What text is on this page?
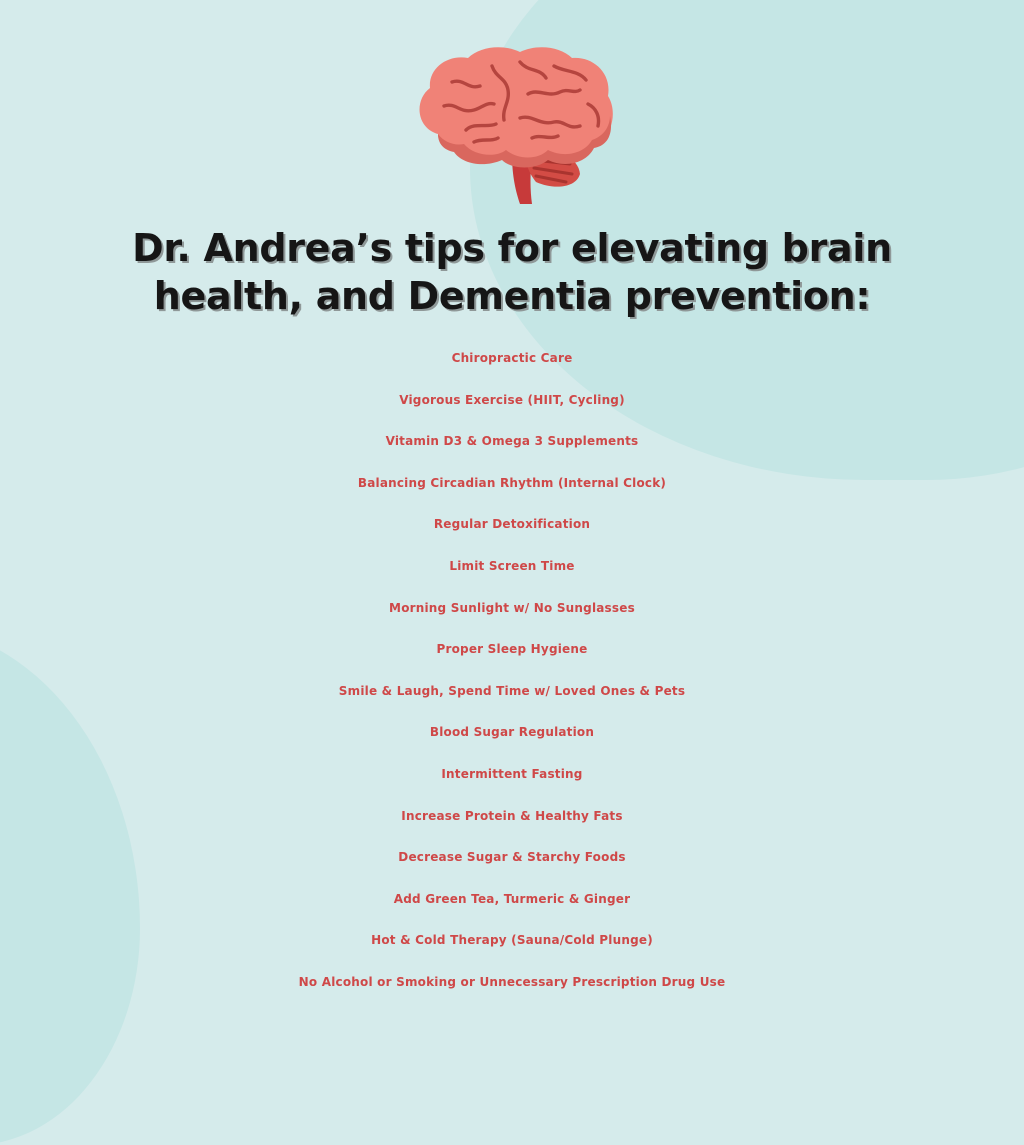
Dr. Andrea’s tips for elevating brain
health, and Dementia prevention:
Chiropractic Care
Vigorous Exercise (HIIT, Cycling)
Vitamin D3 & Omega 3 Supplements
Balancing Circadian Rhythm (Internal Clock)
Regular Detoxification
Limit Screen Time
Morning Sunlight w/ No Sunglasses
Proper Sleep Hygiene
Smile & Laugh, Spend Time w/ Loved Ones & Pets
Blood Sugar Regulation
Intermittent Fasting
Increase Protein & Healthy Fats
Decrease Sugar & Starchy Foods
Add Green Tea, Turmeric & Ginger
Hot & Cold Therapy (Sauna/Cold Plunge)
No Alcohol or Smoking or Unnecessary Prescription Drug Use
